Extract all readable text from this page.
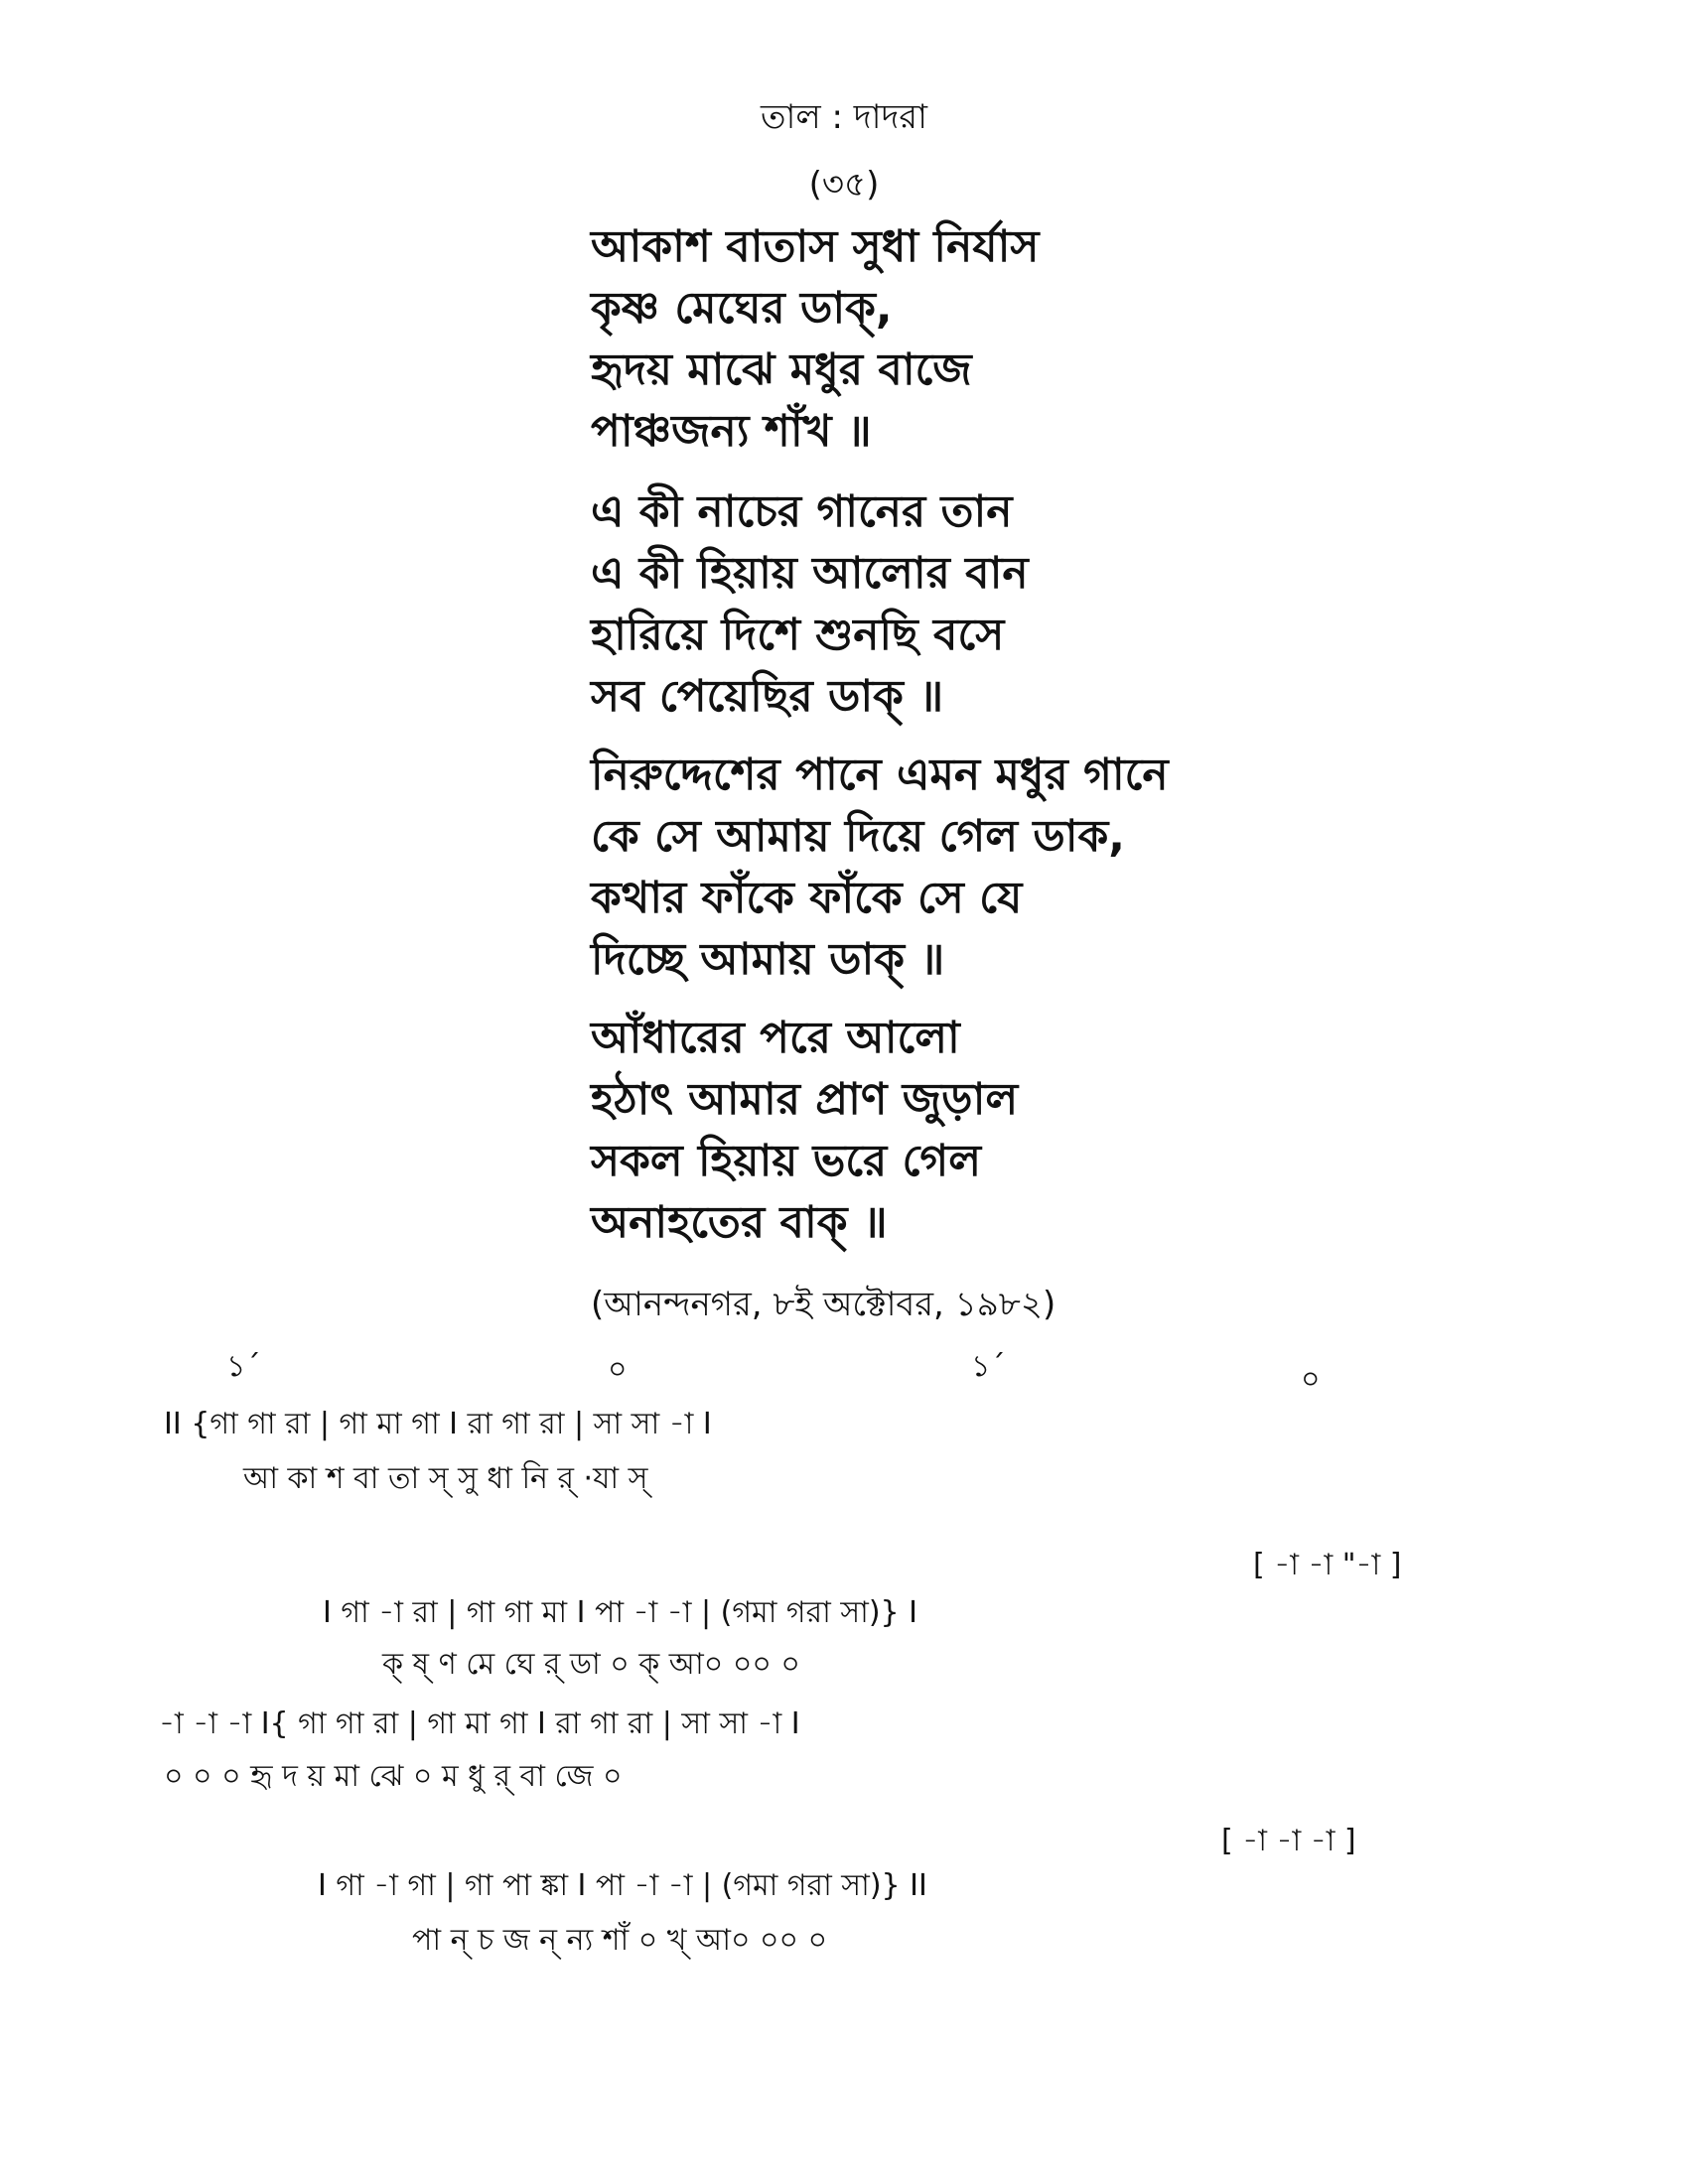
তাল : দাদরা
(৩৫)
আকাশ বাতাস সুধা নির্যাস
কৃষ্ণ মেঘের ডাক্,
হৃদয় মাঝে মধুর বাজে
পাঞ্চজন্য শাঁখ ॥
এ কী নাচের গানের তান
এ কী হিয়ায় আলোর বান
হারিয়ে দিশে শুনছি বসে
সব পেয়েছির ডাক্ ॥
নিরুদ্দেশের পানে এমন মধুর গানে
কে সে আমায় দিয়ে গেল ডাক,
কথার ফাঁকে ফাঁকে সে যে
দিচ্ছে আমায় ডাক্ ॥
আঁধারের পরে আলো
হঠাৎ আমার প্রাণ জুড়াল
সকল হিয়ায় ভরে গেল
অনাহতের বাক্ ॥
(আনন্দনগর, ৮ই অক্টোবর, ১৯৮২)
১´	০	১´	০
II {গা গা রা | গা মা গা I রা গা রা | সা সা -া I
আ কা শ বা তা স্ সু ধা নি র্ ·যা স্
[ -া -া "-া ]
I গা -া রা | গা গা মা I পা -া -া | (গমা গরা সা)} I
ক্ ষ্ ণ মে ঘে র্ ডা ০ ক্ আ০ ০০ ০
-া -া -া I{ গা গা রা | গা মা গা I রা গা রা | সা সা -া I
০ ০ ০ হৃ দ য় মা ঝে ০ ম ধু র্ বা জে ০
[ -া -া -া ]
I গা -া গা | গা পা ঙ্কা I পা -া -া | (গমা গরা সা)} II
পা ন্ চ জ ন্ ন্য শাঁ ০ খ্ আ০ ০০ ০
